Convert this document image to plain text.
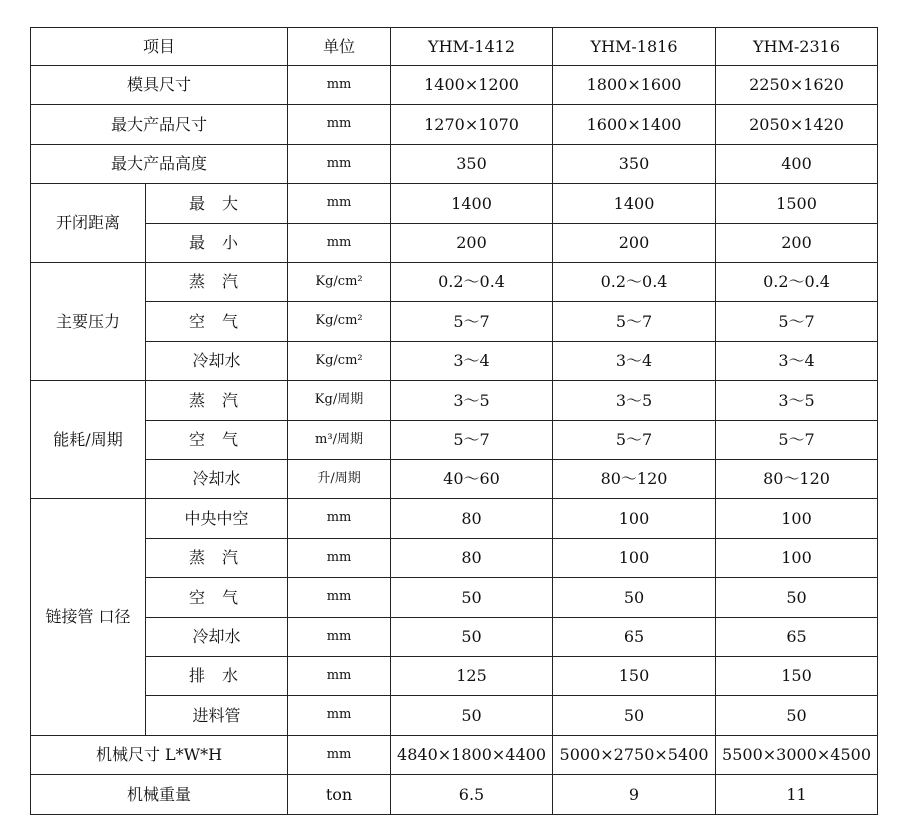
项目		单位	YHM-1412	YHM-1816	YHM-2316
模具尺寸		mm	1400×1200	1800×1600	2250×1620
最大产品尺寸		mm	1270×1070	1600×1400	2050×1420
最大产品高度		mm	350	350	400
开闭距离	最 大	mm	1400	1400	1500
	最 小	mm	200	200	200
主要压力	蒸 汽	Kg/cm²	0.2～0.4	0.2～0.4	0.2～0.4
	空 气	Kg/cm²	5～7	5～7	5～7
	冷却水	Kg/cm²	3～4	3～4	3～4
能耗/周期	蒸 汽	Kg/周期	3～5	3～5	3～5
	空 气	m³/周期	5～7	5～7	5～7
	冷却水	升/周期	40～60	80～120	80～120
链接管 口径	中央中空	mm	80	100	100
	蒸 汽	mm	80	100	100
	空 气	mm	50	50	50
	冷却水	mm	50	65	65
	排 水	mm	125	150	150
	进料管	mm	50	50	50
机械尺寸 L*W*H		mm	4840×1800×4400	5000×2750×5400	5500×3000×4500
机械重量		ton	6.5	9	11
